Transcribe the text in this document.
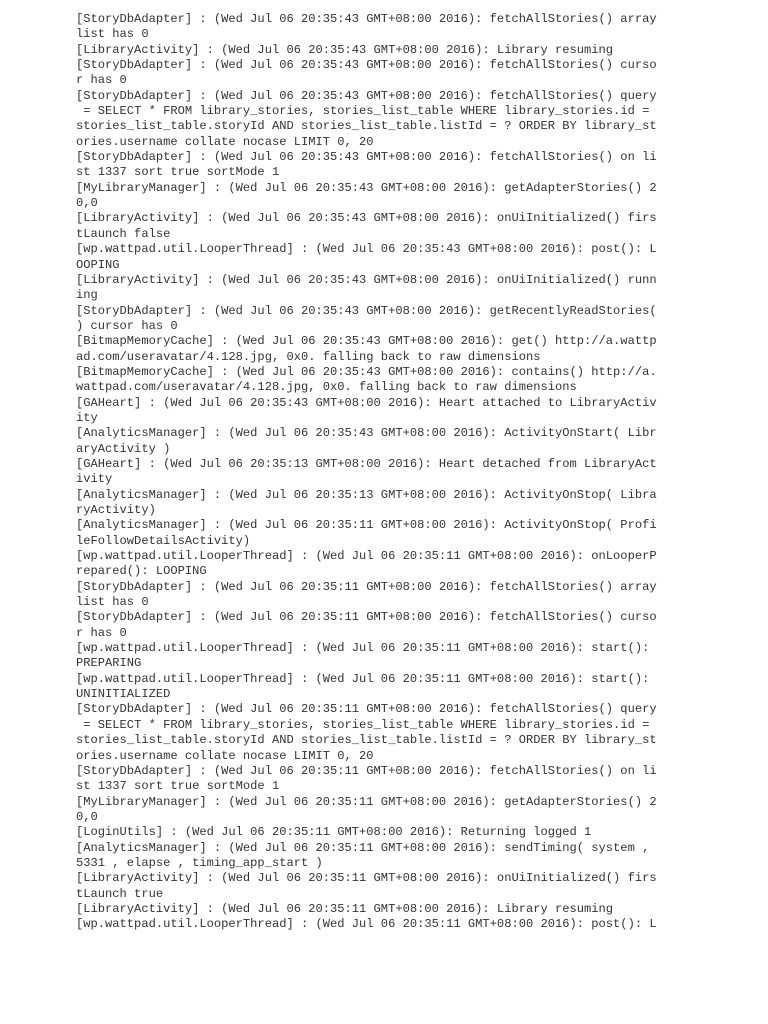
[StoryDbAdapter] : (Wed Jul 06 20:35:43 GMT+08:00 2016): fetchAllStories() array
list has 0
[LibraryActivity] : (Wed Jul 06 20:35:43 GMT+08:00 2016): Library resuming
[StoryDbAdapter] : (Wed Jul 06 20:35:43 GMT+08:00 2016): fetchAllStories() curso
r has 0
[StoryDbAdapter] : (Wed Jul 06 20:35:43 GMT+08:00 2016): fetchAllStories() query
= SELECT * FROM library_stories, stories_list_table WHERE library_stories.id =
stories_list_table.storyId AND stories_list_table.listId = ? ORDER BY library_st
ories.username collate nocase LIMIT 0, 20
[StoryDbAdapter] : (Wed Jul 06 20:35:43 GMT+08:00 2016): fetchAllStories() on li
st 1337 sort true sortMode 1
[MyLibraryManager] : (Wed Jul 06 20:35:43 GMT+08:00 2016): getAdapterStories() 2
0,0
[LibraryActivity] : (Wed Jul 06 20:35:43 GMT+08:00 2016): onUiInitialized() firs
tLaunch false
[wp.wattpad.util.LooperThread] : (Wed Jul 06 20:35:43 GMT+08:00 2016): post(): L
OOPING
[LibraryActivity] : (Wed Jul 06 20:35:43 GMT+08:00 2016): onUiInitialized() runn
ing
[StoryDbAdapter] : (Wed Jul 06 20:35:43 GMT+08:00 2016): getRecentlyReadStories(
) cursor has 0
[BitmapMemoryCache] : (Wed Jul 06 20:35:43 GMT+08:00 2016): get() http://a.wattp
ad.com/useravatar/4.128.jpg, 0x0. falling back to raw dimensions
[BitmapMemoryCache] : (Wed Jul 06 20:35:43 GMT+08:00 2016): contains() http://a.
wattpad.com/useravatar/4.128.jpg, 0x0. falling back to raw dimensions
[GAHeart] : (Wed Jul 06 20:35:43 GMT+08:00 2016): Heart attached to LibraryActiv
ity
[AnalyticsManager] : (Wed Jul 06 20:35:43 GMT+08:00 2016): ActivityOnStart( Libr
aryActivity )
[GAHeart] : (Wed Jul 06 20:35:13 GMT+08:00 2016): Heart detached from LibraryAct
ivity
[AnalyticsManager] : (Wed Jul 06 20:35:13 GMT+08:00 2016): ActivityOnStop( Libra
ryActivity)
[AnalyticsManager] : (Wed Jul 06 20:35:11 GMT+08:00 2016): ActivityOnStop( Profi
leFollowDetailsActivity)
[wp.wattpad.util.LooperThread] : (Wed Jul 06 20:35:11 GMT+08:00 2016): onLooperP
repared(): LOOPING
[StoryDbAdapter] : (Wed Jul 06 20:35:11 GMT+08:00 2016): fetchAllStories() array
list has 0
[StoryDbAdapter] : (Wed Jul 06 20:35:11 GMT+08:00 2016): fetchAllStories() curso
r has 0
[wp.wattpad.util.LooperThread] : (Wed Jul 06 20:35:11 GMT+08:00 2016): start():
PREPARING
[wp.wattpad.util.LooperThread] : (Wed Jul 06 20:35:11 GMT+08:00 2016): start():
UNINITIALIZED
[StoryDbAdapter] : (Wed Jul 06 20:35:11 GMT+08:00 2016): fetchAllStories() query
= SELECT * FROM library_stories, stories_list_table WHERE library_stories.id =
stories_list_table.storyId AND stories_list_table.listId = ? ORDER BY library_st
ories.username collate nocase LIMIT 0, 20
[StoryDbAdapter] : (Wed Jul 06 20:35:11 GMT+08:00 2016): fetchAllStories() on li
st 1337 sort true sortMode 1
[MyLibraryManager] : (Wed Jul 06 20:35:11 GMT+08:00 2016): getAdapterStories() 2
0,0
[LoginUtils] : (Wed Jul 06 20:35:11 GMT+08:00 2016): Returning logged 1
[AnalyticsManager] : (Wed Jul 06 20:35:11 GMT+08:00 2016): sendTiming( system ,
5331 , elapse , timing_app_start )
[LibraryActivity] : (Wed Jul 06 20:35:11 GMT+08:00 2016): onUiInitialized() firs
tLaunch true
[LibraryActivity] : (Wed Jul 06 20:35:11 GMT+08:00 2016): Library resuming
[wp.wattpad.util.LooperThread] : (Wed Jul 06 20:35:11 GMT+08:00 2016): post(): L
